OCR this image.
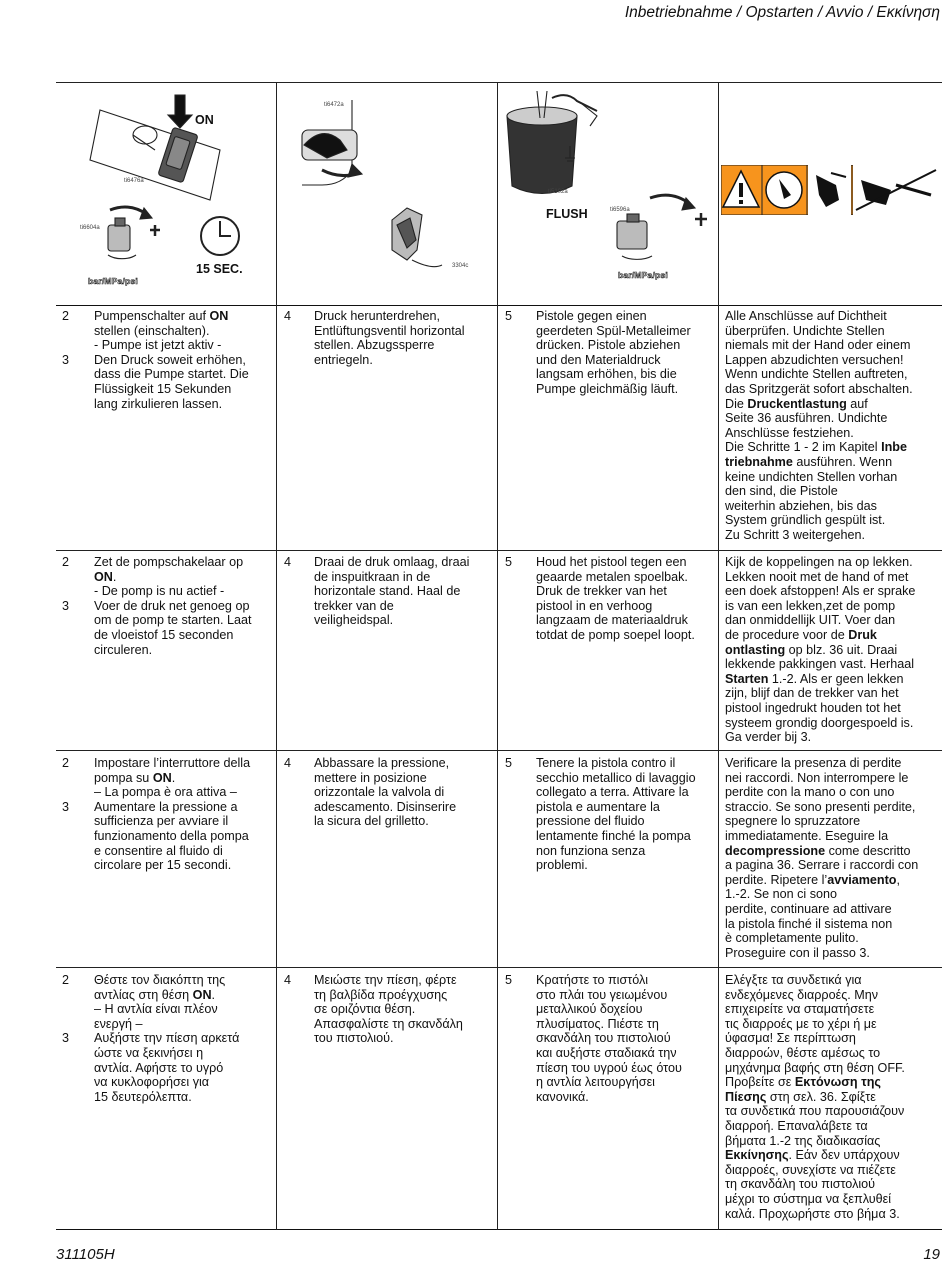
Inbetriebnahme / Opstarten / Avvio / Εκκίνηση
ti6476a
ON
ti6604a
15 SEC.
bar/MPa/psi
ti6472a
3304c
ti5102a
FLUSH	ti6596a
bar/MPa/psi
2	Pumpenschalter auf ON
stellen (einschalten).
- Pumpe ist jetzt aktiv -
3	Den Druck soweit erhöhen,
dass die Pumpe startet. Die
Flüssigkeit 15 Sekunden
lang zirkulieren lassen.
4	Druck herunterdrehen,
Entlüftungsventil horizontal
stellen. Abzugssperre
entriegeln.
5	Pistole gegen einen
geerdeten Spül-Metalleimer
drücken. Pistole abziehen
und den Materialdruck
langsam erhöhen, bis die
Pumpe gleichmäßig läuft.
Alle Anschlüsse auf Dichtheit
überprüfen. Undichte Stellen
niemals mit der Hand oder einem
Lappen abzudichten versuchen!
Wenn undichte Stellen auftreten,
das Spritzgerät sofort abschalten.
Die Druckentlastung auf
Seite 36 ausführen. Undichte
Anschlüsse festziehen.
Die Schritte 1 - 2 im Kapitel Inbe
triebnahme ausführen. Wenn
keine undichten Stellen vorhan
den sind, die Pistole
weiterhin abziehen, bis das
System gründlich gespült ist.
Zu Schritt 3 weitergehen.
2	Zet de pompschakelaar op
ON.
- De pomp is nu actief -
3	Voer de druk net genoeg op
om de pomp te starten. Laat
de vloeistof 15 seconden
circuleren.
4	Draai de druk omlaag, draai
de inspuitkraan in de
horizontale stand. Haal de
trekker van de
veiligheidspal.
5	Houd het pistool tegen een
geaarde metalen spoelbak.
Druk de trekker van het
pistool in en verhoog
langzaam de materiaaldruk
totdat de pomp soepel loopt.
Kijk de koppelingen na op lekken.
Lekken nooit met de hand of met
een doek afstoppen! Als er sprake
is van een lekken,zet de pomp
dan onmiddellijk UIT. Voer dan
de procedure voor de Druk
ontlasting op blz. 36 uit. Draai
lekkende pakkingen vast. Herhaal
Starten 1.-2. Als er geen lekken
zijn, blijf dan de trekker van het
pistool ingedrukt houden tot het
systeem grondig doorgespoeld is.
Ga verder bij 3.
2	Impostare l’interruttore della
pompa su ON.
– La pompa è ora attiva –
3	Aumentare la pressione a
sufficienza per avviare il
funzionamento della pompa
e consentire al fluido di
circolare per 15 secondi.
4	Abbassare la pressione,
mettere in posizione
orizzontale la valvola di
adescamento. Disinserire
la sicura del grilletto.
5	Tenere la pistola contro il
secchio metallico di lavaggio
collegato a terra. Attivare la
pistola e aumentare la
pressione del fluido
lentamente finché la pompa
non funziona senza
problemi.
Verificare la presenza di perdite
nei raccordi. Non interrompere le
perdite con la mano o con uno
straccio. Se sono presenti perdite,
spegnere lo spruzzatore
immediatamente. Eseguire la
decompressione come descritto
a pagina 36. Serrare i raccordi con
perdite. Ripetere l’avviamento,
1.-2. Se non ci sono
perdite, continuare ad attivare
la pistola finché il sistema non
è completamente pulito.
Proseguire con il passo 3.
2	Θέστε τον διακόπτη της
αντλίας στη θέση ON.
– Η αντλία είναι πλέον
ενεργή –
3	Αυξήστε την πίεση αρκετά
ώστε να ξεκινήσει η
αντλία. Αφήστε το υγρό
να κυκλοφορήσει για
15 δευτερόλεπτα.
4	Μειώστε την πίεση, φέρτε
τη βαλβίδα προέγχυσης
σε οριζόντια θέση.
Απασφαλίστε τη σκανδάλη
του πιστολιού.
5	Κρατήστε το πιστόλι
στο πλάι του γειωμένου
μεταλλικού δοχείου
πλυσίματος. Πιέστε τη
σκανδάλη του πιστολιού
και αυξήστε σταδιακά την
πίεση του υγρού έως ότου
η αντλία λειτουργήσει
κανονικά.
Ελέγξτε τα συνδετικά για
ενδεχόμενες διαρροές. Μην
επιχειρείτε να σταματήσετε
τις διαρροές με το χέρι ή με
ύφασμα! Σε περίπτωση
διαρροών, θέστε αμέσως το
μηχάνημα βαφής στη θέση OFF.
Προβείτε σε Εκτόνωση της
Πίεσης στη σελ. 36. Σφίξτε
τα συνδετικά που παρουσιάζουν
διαρροή. Επαναλάβετε τα
βήματα 1.-2 της διαδικασίας
Εκκίνησης. Εάν δεν υπάρχουν
διαρροές, συνεχίστε να πιέζετε
τη σκανδάλη του πιστολιού
μέχρι το σύστημα να ξεπλυθεί
καλά. Προχωρήστε στο βήμα 3.
311105H	19
